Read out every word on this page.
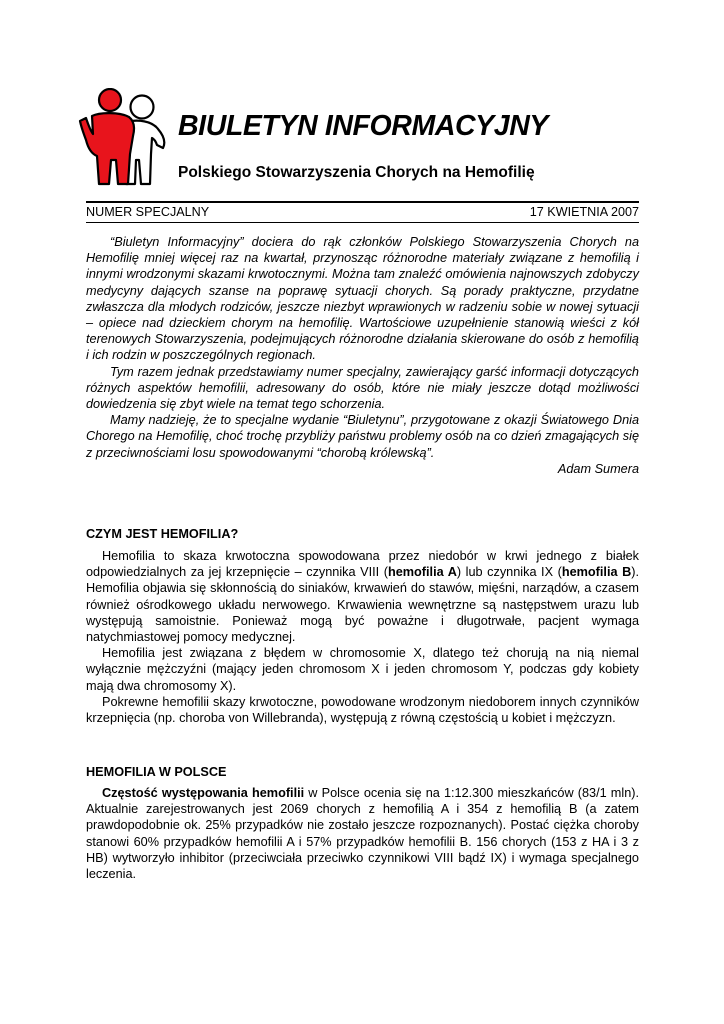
BIULETYN INFORMACYJNY
Polskiego Stowarzyszenia Chorych na Hemofilię
NUMER SPECJALNY	17 KWIETNIA 2007

“Biuletyn Informacyjny” dociera do rąk członków Polskiego Stowarzyszenia Chorych na Hemofilię mniej więcej raz na kwartał, przynosząc różnorodne materiały związane z hemofilią i innymi wrodzonymi skazami krwotocznymi. Można tam znaleźć omówienia najnowszych zdobyczy medycyny dających szanse na poprawę sytuacji chorych. Są porady praktyczne, przydatne zwłaszcza dla młodych rodziców, jeszcze niezbyt wprawionych w radzeniu sobie w nowej sytuacji – opiece nad dzieckiem chorym na hemofilię. Wartościowe uzupełnienie stanowią wieści z kół terenowych Stowarzyszenia, podejmujących różnorodne działania skierowane do osób z hemofilią i ich rodzin w poszczególnych regionach.

Tym razem jednak przedstawiamy numer specjalny, zawierający garść informacji dotyczących różnych aspektów hemofilii, adresowany do osób, które nie miały jeszcze dotąd możliwości dowiedzenia się zbyt wiele na temat tego schorzenia.

Mamy nadzieję, że to specjalne wydanie “Biuletynu”, przygotowane z okazji Światowego Dnia Chorego na Hemofilię, choć trochę przybliży państwu problemy osób na co dzień zmagających się z przeciwnościami losu spowodowanymi “chorobą królewską”.

Adam Sumera

CZYM JEST HEMOFILIA?

Hemofilia to skaza krwotoczna spowodowana przez niedobór w krwi jednego z białek odpowiedzialnych za jej krzepnięcie – czynnika VIII (hemofilia A) lub czynnika IX (hemofilia B). Hemofilia objawia się skłonnością do siniaków, krwawień do stawów, mięśni, narządów, a czasem również ośrodkowego układu nerwowego. Krwawienia wewnętrzne są następstwem urazu lub występują samoistnie. Ponieważ mogą być poważne i długotrwałe, pacjent wymaga natychmiastowej pomocy medycznej.

Hemofilia jest związana z błędem w chromosomie X, dlatego też chorują na nią niemal wyłącznie mężczyźni (mający jeden chromosom X i jeden chromosom Y, podczas gdy kobiety mają dwa chromosomy X).

Pokrewne hemofilii skazy krwotoczne, powodowane wrodzonym niedoborem innych czynników krzepnięcia (np. choroba von Willebranda), występują z równą częstością u kobiet i mężczyzn.

HEMOFILIA W POLSCE

Częstość występowania hemofilii w Polsce ocenia się na 1:12.300 mieszkańców (83/1 mln). Aktualnie zarejestrowanych jest 2069 chorych z hemofilią A i 354 z hemofilią B (a zatem prawdopodobnie ok. 25% przypadków nie zostało jeszcze rozpoznanych). Postać ciężka choroby stanowi 60% przypadków hemofilii A i 57% przypadków hemofilii B. 156 chorych (153 z HA i 3 z HB) wytworzyło inhibitor (przeciwciała przeciwko czynnikowi VIII bądź IX) i wymaga specjalnego leczenia.
